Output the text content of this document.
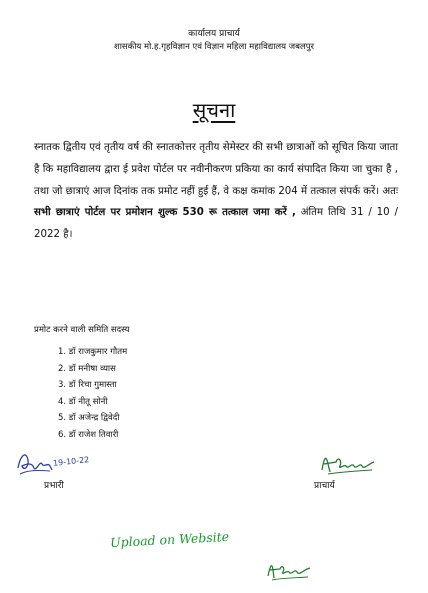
कार्यालय प्राचार्य
शासकीय मो.ह.गृहविज्ञान एवं विज्ञान महिला महाविद्यालय जबलपुर
सूचना
स्नातक द्वितीय एवं तृतीय वर्ष की स्नातकोत्तर तृतीय सेमेस्टर की सभी छात्राओं को सूचित किया जाता है कि महाविद्यालय द्वारा ई प्रवेश पोर्टल पर नवीनीकरण प्रकिया का कार्य संपादित किया जा चुका है , तथा जो छात्राएं आज दिनांक तक प्रमोट नहीं हुई हैं, वे कक्ष कमांक 204 में तत्काल संपर्क करें। अतः सभी छात्राएं पोर्टल पर प्रमोशन शुल्क 530 रू तत्काल जमा करें , अंतिम तिथि 31 / 10 / 2022 है।
प्रमोट करने वाली समिति सदस्य
1. डॉ राजकुमार गौतम
2. डॉ मनीषा व्यास
3. डॉ रिचा गुमास्ता
4. डॉ नीतू सोनी
5. डॉ अजेन्द्र द्विवेदी
6. डॉ राजेश तिवारी
19-10-22
प्रभारी	प्राचार्य
Upload on Website
